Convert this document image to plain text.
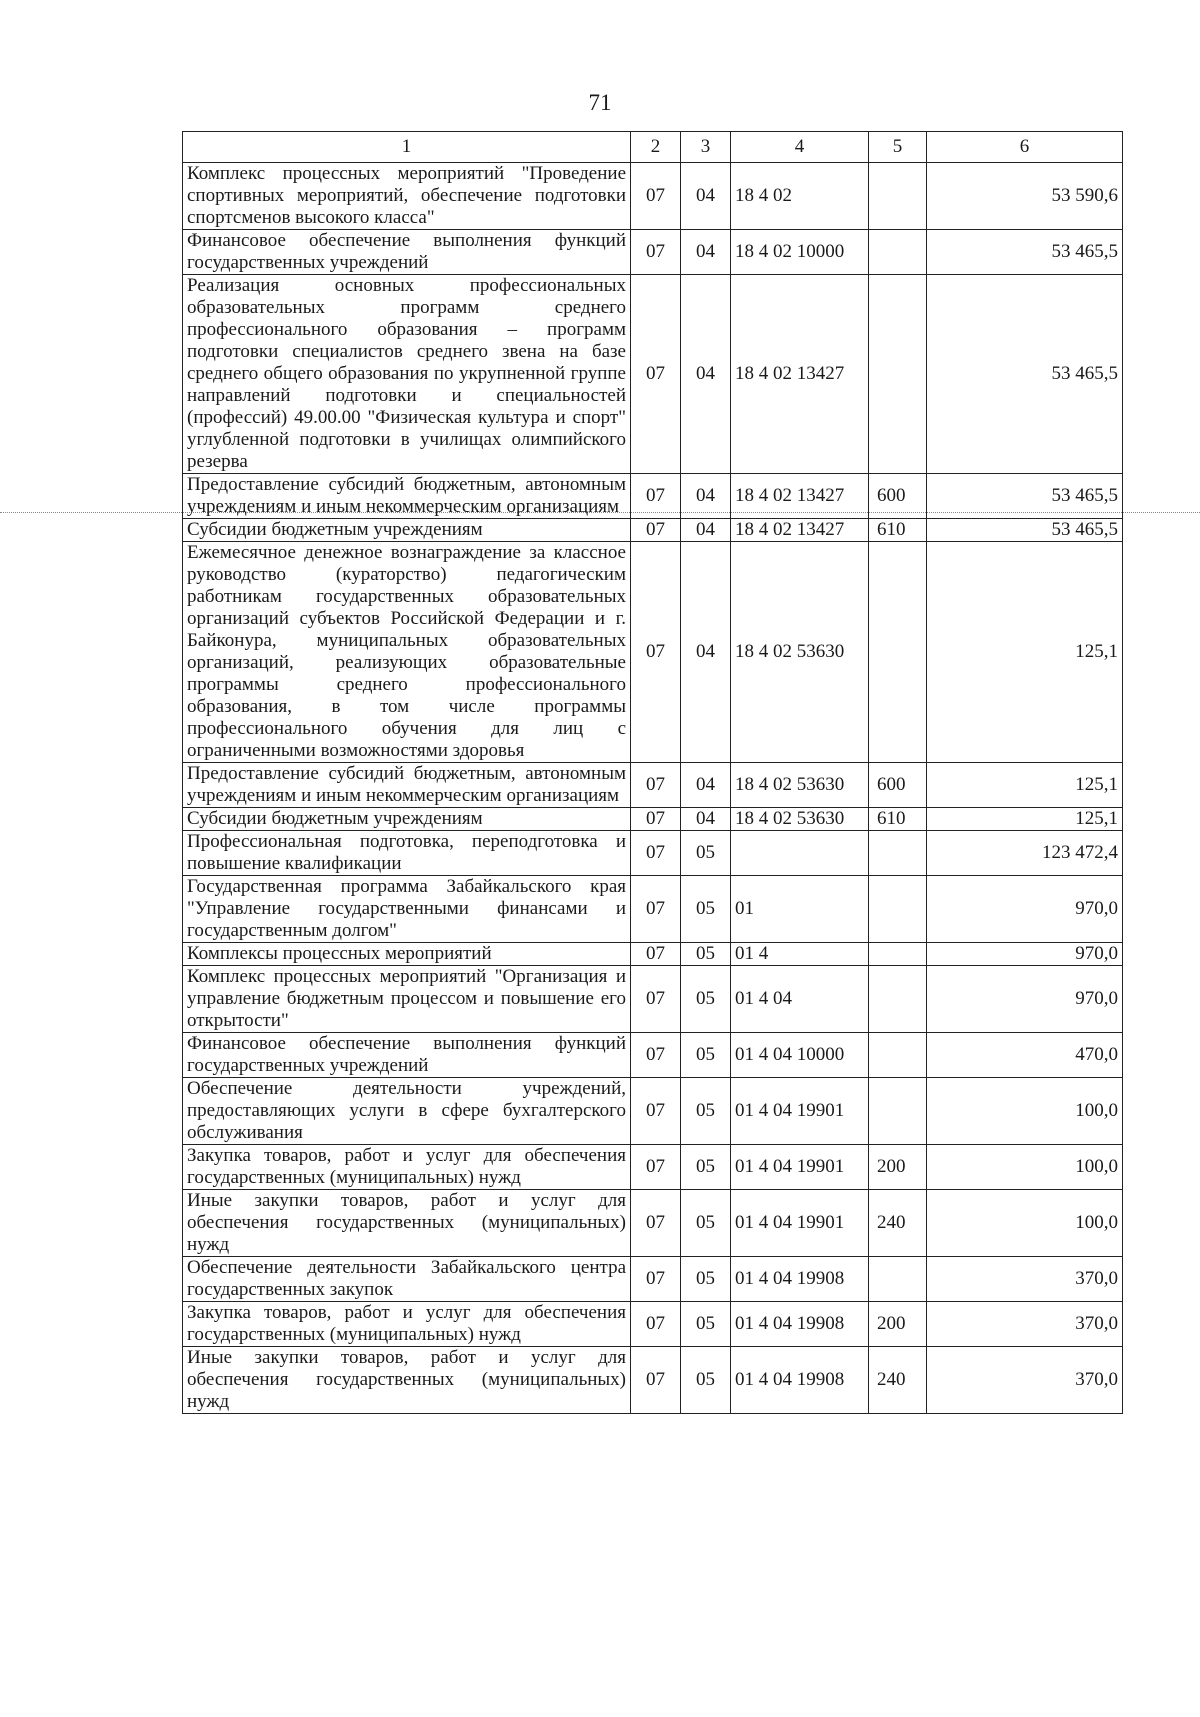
71
1	2	3	4	5	6
Комплекс процессных мероприятий "Проведение спортивных мероприятий, обеспечение подготовки спортсменов высокого класса"	07	04	18 4 02		53 590,6
Финансовое обеспечение выполнения функций государственных учреждений	07	04	18 4 02 10000		53 465,5
Реализация основных профессиональных образовательных программ среднего профессионального образования – программ подготовки специалистов среднего звена на базе среднего общего образования по укрупненной группе направлений подготовки и специальностей (профессий) 49.00.00 "Физическая культура и спорт" углубленной подготовки в училищах олимпийского резерва	07	04	18 4 02 13427		53 465,5
Предоставление субсидий бюджетным, автономным учреждениям и иным некоммерческим организациям	07	04	18 4 02 13427	600	53 465,5
Субсидии бюджетным учреждениям	07	04	18 4 02 13427	610	53 465,5
Ежемесячное денежное вознаграждение за классное руководство (кураторство) педагогическим работникам государственных образовательных организаций субъектов Российской Федерации и г. Байконура, муниципальных образовательных организаций, реализующих образовательные программы среднего профессионального образования, в том числе программы профессионального обучения для лиц с ограниченными возможностями здоровья	07	04	18 4 02 53630		125,1
Предоставление субсидий бюджетным, автономным учреждениям и иным некоммерческим организациям	07	04	18 4 02 53630	600	125,1
Субсидии бюджетным учреждениям	07	04	18 4 02 53630	610	125,1
Профессиональная подготовка, переподготовка и повышение квалификации	07	05			123 472,4
Государственная программа Забайкальского края "Управление государственными финансами и государственным долгом"	07	05	01		970,0
Комплексы процессных мероприятий	07	05	01 4		970,0
Комплекс процессных мероприятий "Организация и управление бюджетным процессом и повышение его открытости"	07	05	01 4 04		970,0
Финансовое обеспечение выполнения функций государственных учреждений	07	05	01 4 04 10000		470,0
Обеспечение деятельности учреждений, предоставляющих услуги в сфере бухгалтерского обслуживания	07	05	01 4 04 19901		100,0
Закупка товаров, работ и услуг для обеспечения государственных (муниципальных) нужд	07	05	01 4 04 19901	200	100,0
Иные закупки товаров, работ и услуг для обеспечения государственных (муниципальных) нужд	07	05	01 4 04 19901	240	100,0
Обеспечение деятельности Забайкальского центра государственных закупок	07	05	01 4 04 19908		370,0
Закупка товаров, работ и услуг для обеспечения государственных (муниципальных) нужд	07	05	01 4 04 19908	200	370,0
Иные закупки товаров, работ и услуг для обеспечения государственных (муниципальных) нужд	07	05	01 4 04 19908	240	370,0
